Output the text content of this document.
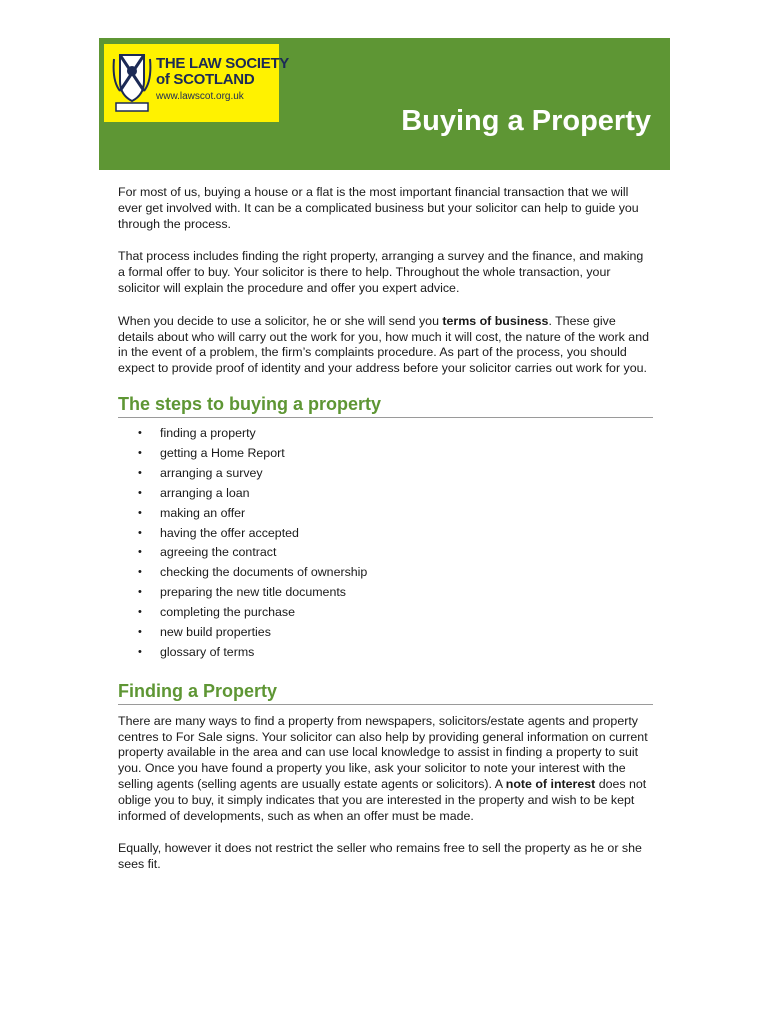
THE LAW SOCIETY
of SCOTLAND
www.lawscot.org.uk
Buying a Property

For most of us, buying a house or a flat is the most important financial transaction that we will ever get involved with. It can be a complicated business but your solicitor can help to guide you through the process.

That process includes finding the right property, arranging a survey and the finance, and making a formal offer to buy. Your solicitor is there to help. Throughout the whole transaction, your solicitor will explain the procedure and offer you expert advice.

When you decide to use a solicitor, he or she will send you terms of business. These give details about who will carry out the work for you, how much it will cost, the nature of the work and in the event of a problem, the firm’s complaints procedure. As part of the process, you should expect to provide proof of identity and your address before your solicitor carries out work for you.

The steps to buying a property
• finding a property
• getting a Home Report
• arranging a survey
• arranging a loan
• making an offer
• having the offer accepted
• agreeing the contract
• checking the documents of ownership
• preparing the new title documents
• completing the purchase
• new build properties
• glossary of terms
Finding a Property

There are many ways to find a property from newspapers, solicitors/estate agents and property centres to For Sale signs. Your solicitor can also help by providing general information on current property available in the area and can use local knowledge to assist in finding a property to suit you. Once you have found a property you like, ask your solicitor to note your interest with the selling agents (selling agents are usually estate agents or solicitors). A note of interest does not oblige you to buy, it simply indicates that you are interested in the property and wish to be kept informed of developments, such as when an offer must be made.

Equally, however it does not restrict the seller who remains free to sell the property as he or she sees fit.
